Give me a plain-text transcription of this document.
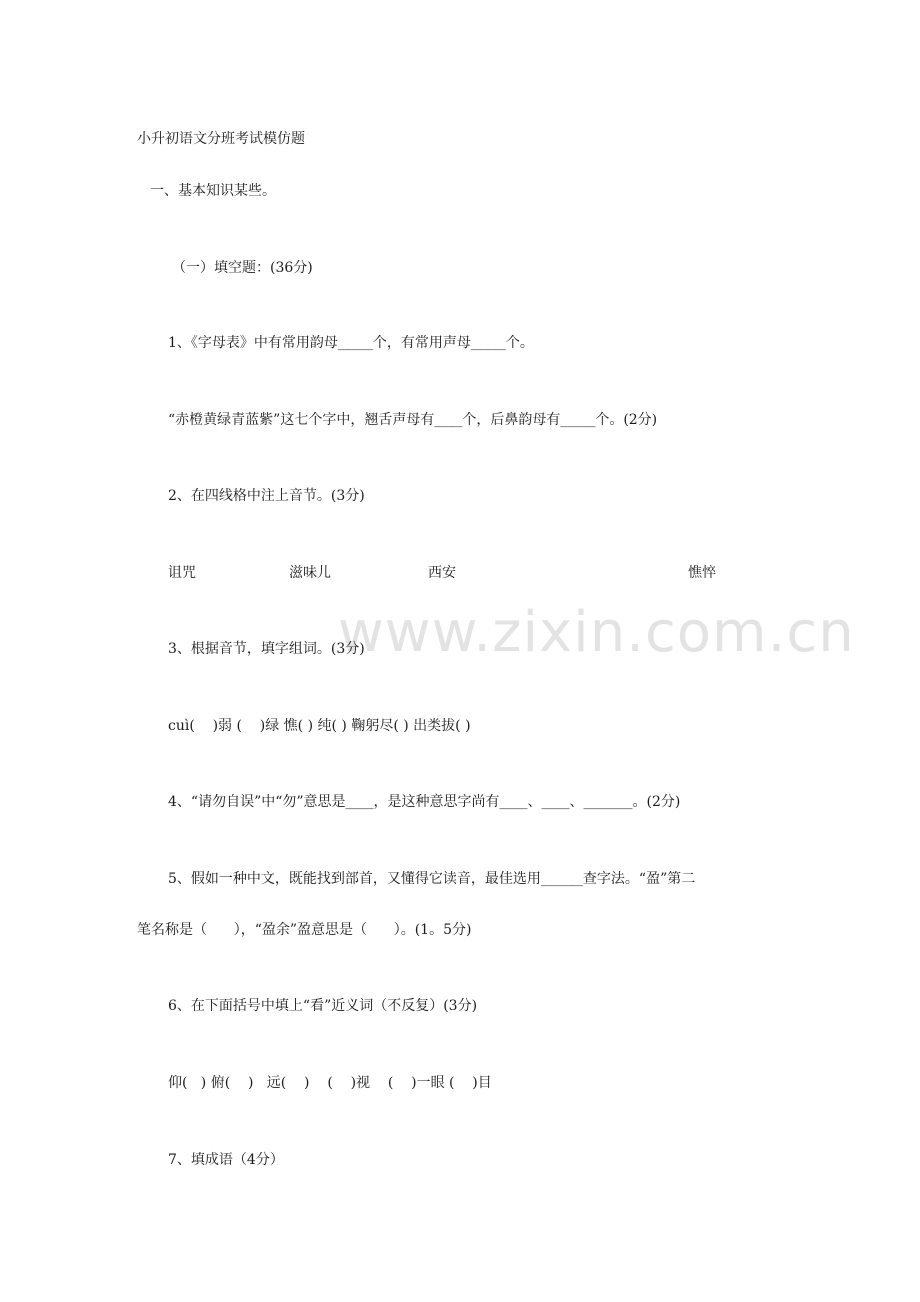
小升初语文分班考试模仿题
一、基本知识某些。
（一）填空题：(36分)
1、《字母表》中有常用韵母_____个，有常用声母_____个。
“赤橙黄绿青蓝紫”这七个字中，翘舌声母有____个，后鼻韵母有_____个。(2分)
2、在四线格中注上音节。(3分)
诅咒	滋味儿	西安	憔悴
www.zixin.com.cn
3、根据音节，填字组词。(3分)
cuì(    )弱 (    )绿 憔( ) 纯( ) 鞠躬尽( ) 出类拔( )
4、“请勿自误”中“勿”意思是____，是这种意思字尚有____、____、_______。(2分)
5、假如一种中文，既能找到部首，又懂得它读音，最佳选用______查字法。“盈”第二
笔名称是（      ），“盈余”盈意思是（      ）。(1。5分)
6、在下面括号中填上“看”近义词（不反复）(3分)
仰(   ) 俯(    )   远(    )    (    )视    (    )一眼 (    )目
7、填成语（4分）
